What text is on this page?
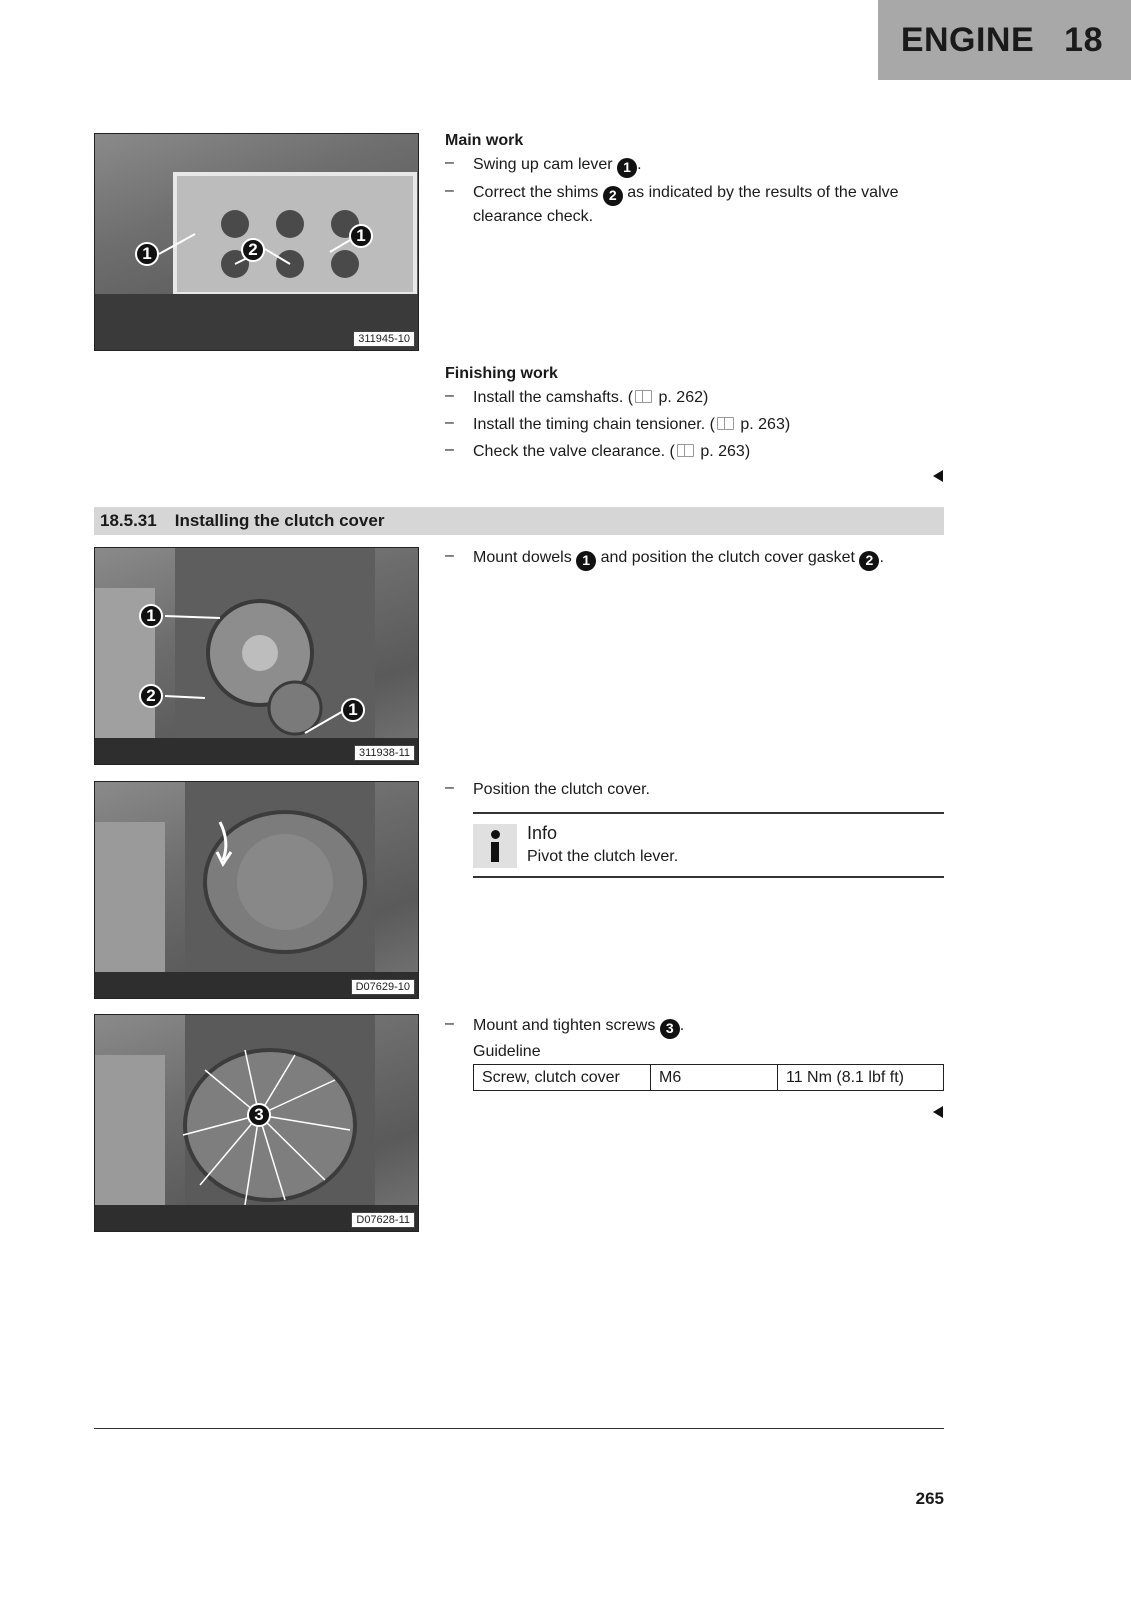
ENGINE 18
1	2
1
311945-10
Main work
– Swing up cam lever 1 .
– Correct the shims 2 as indicated by the results of the valve
clearance check.
Finishing work
– Install the camshafts. ( p. 262)
– Install the timing chain tensioner. ( p. 263)
– Check the valve clearance. ( p. 263)
18.5.31 Installing the clutch cover
1
2
1
311938-11
– Mount dowels 1 and position the clutch cover gasket 2 .
D07629-10
– Position the clutch cover.
Info
Pivot the clutch lever.
3
D07628-11
– Mount and tighten screws 3 .
Guideline
Screw, clutch cover	M6	11 Nm (8.1 lbf ft)
265
